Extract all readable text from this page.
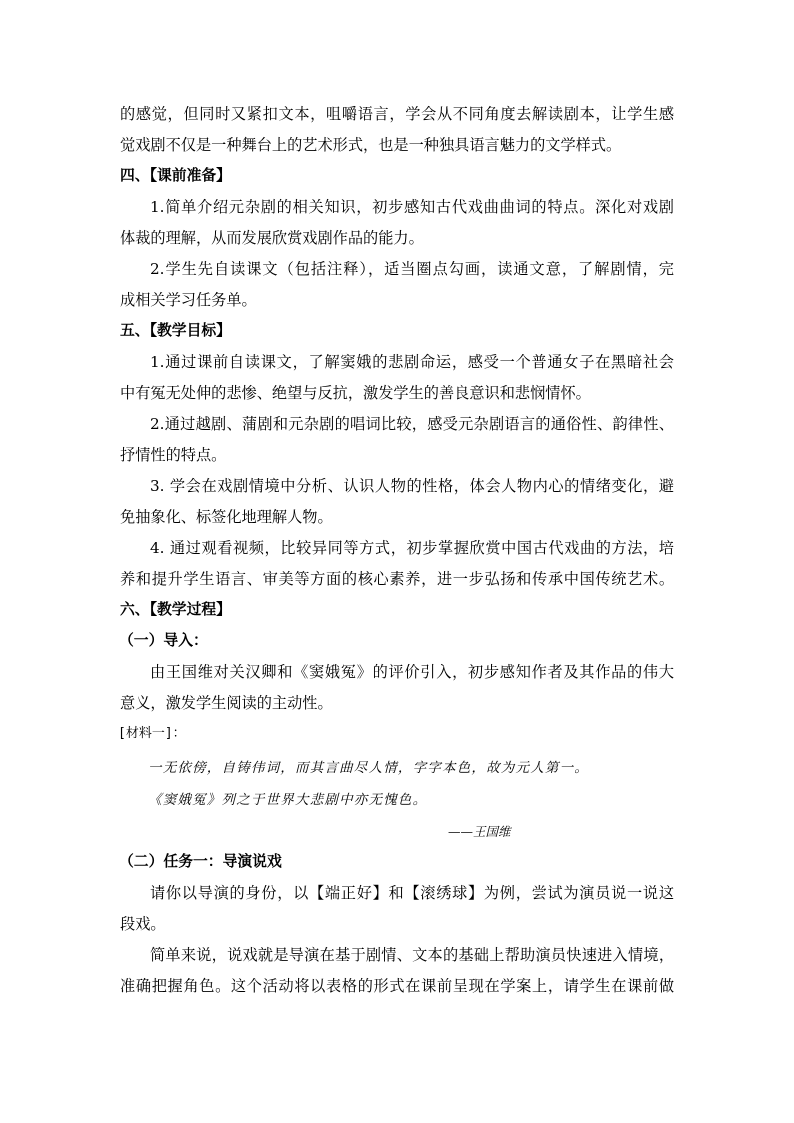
的感觉，但同时又紧扣文本，咀嚼语言，学会从不同角度去解读剧本，让学生感
觉戏剧不仅是一种舞台上的艺术形式，也是一种独具语言魅力的文学样式。
四、【课前准备】
1.简单介绍元杂剧的相关知识，初步感知古代戏曲曲词的特点。深化对戏剧
体裁的理解，从而发展欣赏戏剧作品的能力。
2.学生先自读课文（包括注释），适当圈点勾画，读通文意，了解剧情，完
成相关学习任务单。
五、【教学目标】
1.通过课前自读课文，了解窦娥的悲剧命运，感受一个普通女子在黑暗社会
中有冤无处伸的悲惨、绝望与反抗，激发学生的善良意识和悲悯情怀。
2.通过越剧、蒲剧和元杂剧的唱词比较，感受元杂剧语言的通俗性、韵律性、
抒情性的特点。
3. 学会在戏剧情境中分析、认识人物的性格，体会人物内心的情绪变化，避
免抽象化、标签化地理解人物。
4. 通过观看视频，比较异同等方式，初步掌握欣赏中国古代戏曲的方法，培
养和提升学生语言、审美等方面的核心素养，进一步弘扬和传承中国传统艺术。
六、【教学过程】
（一）导入：
由王国维对关汉卿和《窦娥冤》的评价引入，初步感知作者及其作品的伟大
意义，激发学生阅读的主动性。
[材料一]：
一无依傍，自铸伟词，而其言曲尽人情，字字本色，故为元人第一。
《窦娥冤》列之于世界大悲剧中亦无愧色。
——王国维
（二）任务一：导演说戏
请你以导演的身份，以【端正好】和【滚绣球】为例，尝试为演员说一说这
段戏。
简单来说，说戏就是导演在基于剧情、文本的基础上帮助演员快速进入情境，
准确把握角色。这个活动将以表格的形式在课前呈现在学案上，请学生在课前做
